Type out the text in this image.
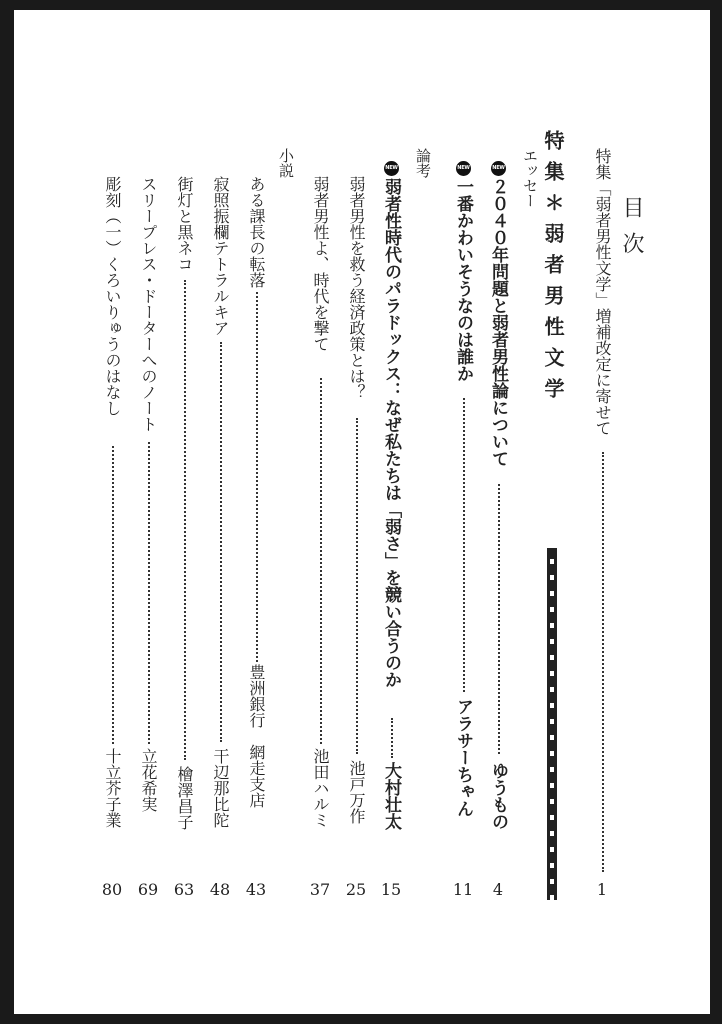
目次
特集「弱者男性文学」増補改定に寄せて
1
特集＊弱者男性文学
エッセー
NEW
２０４０年問題と弱者男性論について
ゆうもの
4
NEW
一番かわいそうなのは誰か
アラサーちゃん
11
論考
NEW
弱者性時代のパラドックス：なぜ私たちは「弱さ」を競い合うのか
大村壮太
15
弱者男性を救う経済政策とは？
池戸万作
25
弱者男性よ、時代を撃て
池田ハルミ
37
小説
ある課長の転落
豊洲銀行　網走支店
43
寂照振欄テトラルキア
干辺那比陀
48
街灯と黒ネコ
檜澤昌子
63
スリープレス・ドーターへのノート
立花希実
69
彫刻（一）くろいりゅうのはなし
十立芥子業
80
